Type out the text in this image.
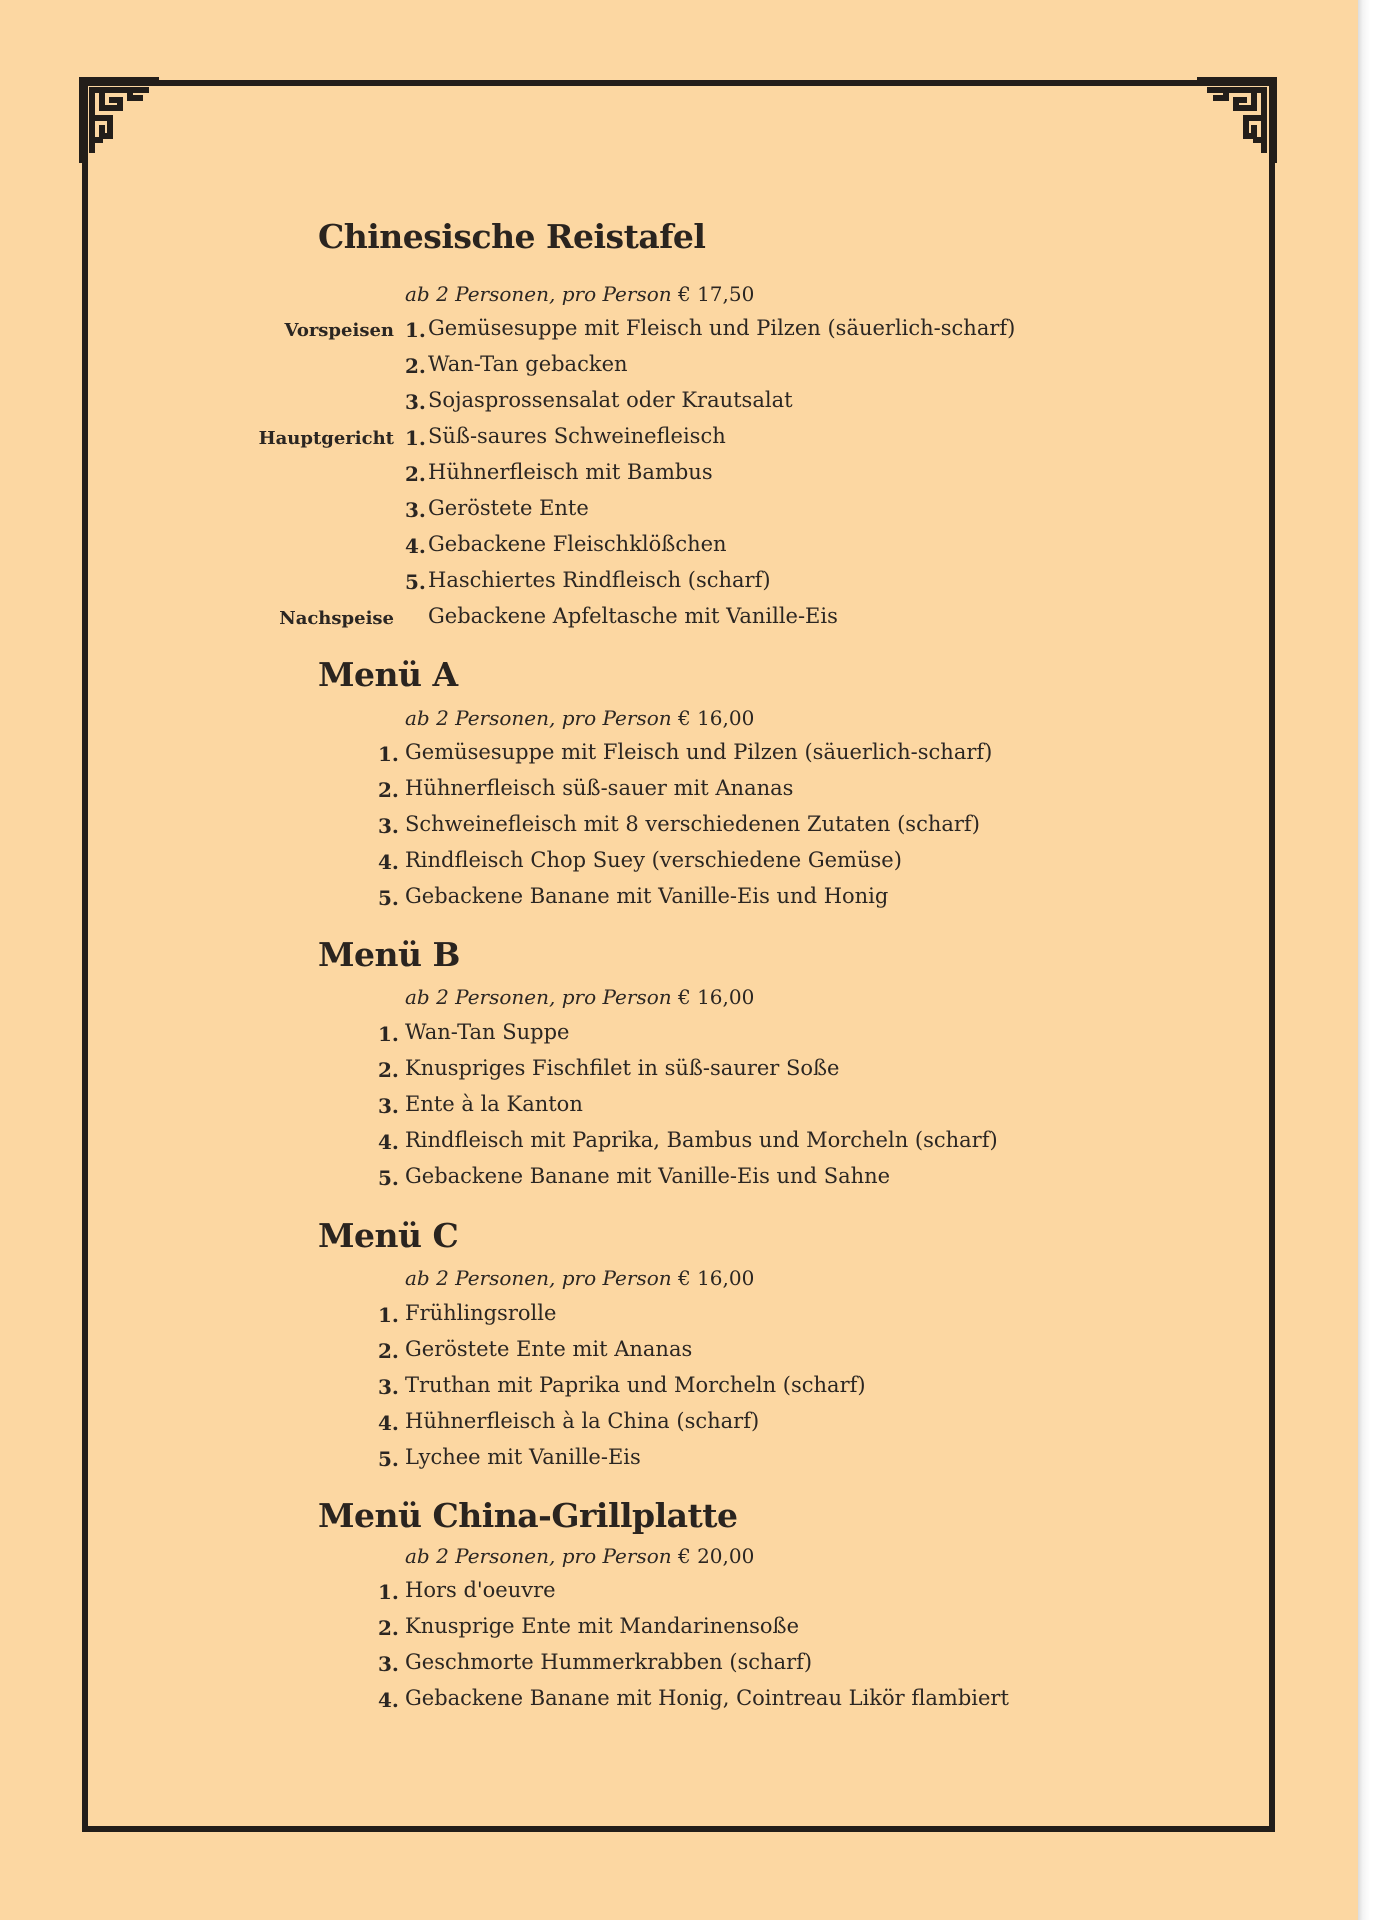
Chinesische Reistafel
ab 2 Personen, pro Person € 17,50
Vorspeisen 1. Gemüsesuppe mit Fleisch und Pilzen (säuerlich-scharf)
2. Wan-Tan gebacken
3. Sojasprossensalat oder Krautsalat
Hauptgericht 1. Süß-saures Schweinefleisch
2. Hühnerfleisch mit Bambus
3. Geröstete Ente
4. Gebackene Fleischklößchen
5. Haschiertes Rindfleisch (scharf)
Nachspeise Gebackene Apfeltasche mit Vanille-Eis
Menü A
ab 2 Personen, pro Person € 16,00
1. Gemüsesuppe mit Fleisch und Pilzen (säuerlich-scharf)
2. Hühnerfleisch süß-sauer mit Ananas
3. Schweinefleisch mit 8 verschiedenen Zutaten (scharf)
4. Rindfleisch Chop Suey (verschiedene Gemüse)
5. Gebackene Banane mit Vanille-Eis und Honig
Menü B
ab 2 Personen, pro Person € 16,00
1. Wan-Tan Suppe
2. Knuspriges Fischfilet in süß-saurer Soße
3. Ente à la Kanton
4. Rindfleisch mit Paprika, Bambus und Morcheln (scharf)
5. Gebackene Banane mit Vanille-Eis und Sahne
Menü C
ab 2 Personen, pro Person € 16,00
1. Frühlingsrolle
2. Geröstete Ente mit Ananas
3. Truthan mit Paprika und Morcheln (scharf)
4. Hühnerfleisch à la China (scharf)
5. Lychee mit Vanille-Eis
Menü China-Grillplatte
ab 2 Personen, pro Person € 20,00
1. Hors d'oeuvre
2. Knusprige Ente mit Mandarinensoße
3. Geschmorte Hummerkrabben (scharf)
4. Gebackene Banane mit Honig, Cointreau Likör flambiert
